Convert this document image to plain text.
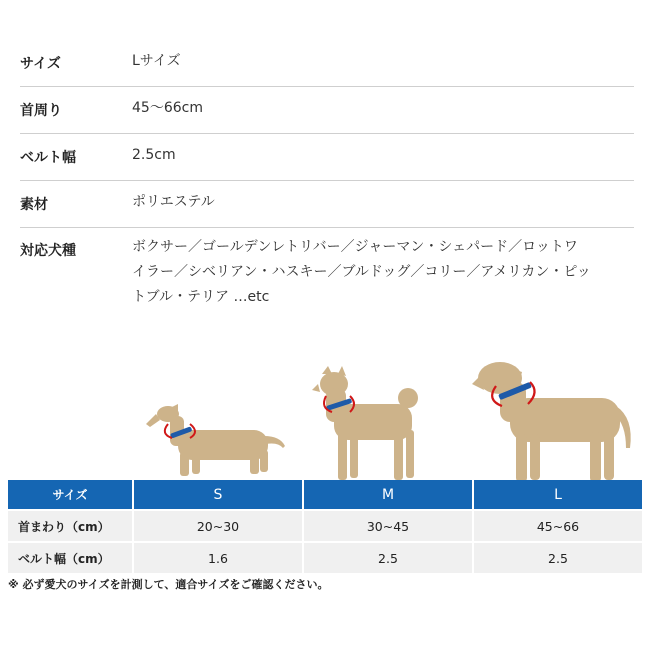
サイズ	Lサイズ
首周り	45〜66cm
ベルト幅	2.5cm
素材	ポリエステル
対応犬種	ボクサー／ゴールデンレトリバー／ジャーマン・シェパード／ロットワ
イラー／シベリアン・ハスキー／ブルドッグ／コリー／アメリカン・ピッ
トブル・テリア …etc
サイズ	S	M	L
首まわり（cm）	20~30	30~45	45~66
ベルト幅（cm）	1.6	2.5	2.5
※ 必ず愛犬のサイズを計測して、適合サイズをご確認ください。
